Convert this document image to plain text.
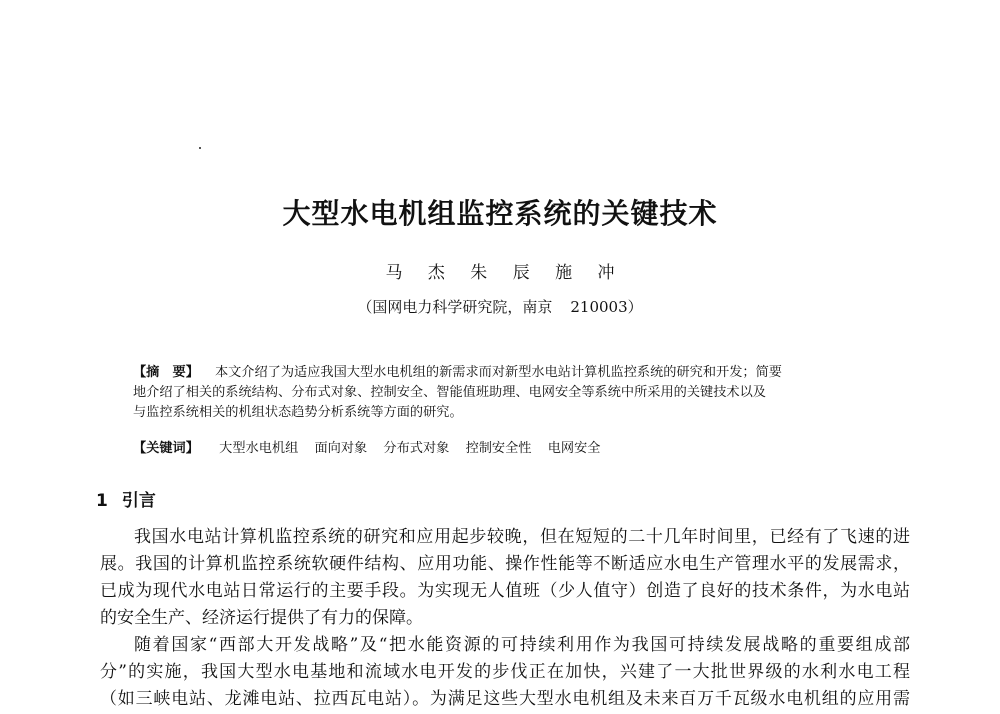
大型水电机组监控系统的关键技术
马 杰 朱 辰 施 冲
（国网电力科学研究院，南京 210003）
【摘　要】 本文介绍了为适应我国大型水电机组的新需求而对新型水电站计算机监控系统的研究和开发；简要
地介绍了相关的系统结构、分布式对象、控制安全、智能值班助理、电网安全等系统中所采用的关键技术以及
与监控系统相关的机组状态趋势分析系统等方面的研究。
【关键词】 大型水电机组 面向对象 分布式对象 控制安全性 电网安全
1 引言
我国水电站计算机监控系统的研究和应用起步较晚，但在短短的二十几年时间里，已经有了飞速的进
展。我国的计算机监控系统软硬件结构、应用功能、操作性能等不断适应水电生产管理水平的发展需求，
已成为现代水电站日常运行的主要手段。为实现无人值班（少人值守）创造了良好的技术条件，为水电站
的安全生产、经济运行提供了有力的保障。
随着国家“西部大开发战略”及“把水能资源的可持续利用作为我国可持续发展战略的重要组成部
分”的实施，我国大型水电基地和流域水电开发的步伐正在加快，兴建了一大批世界级的水利水电工程
（如三峡电站、龙滩电站、拉西瓦电站）。为满足这些大型水电机组及未来百万千瓦级水电机组的应用需
